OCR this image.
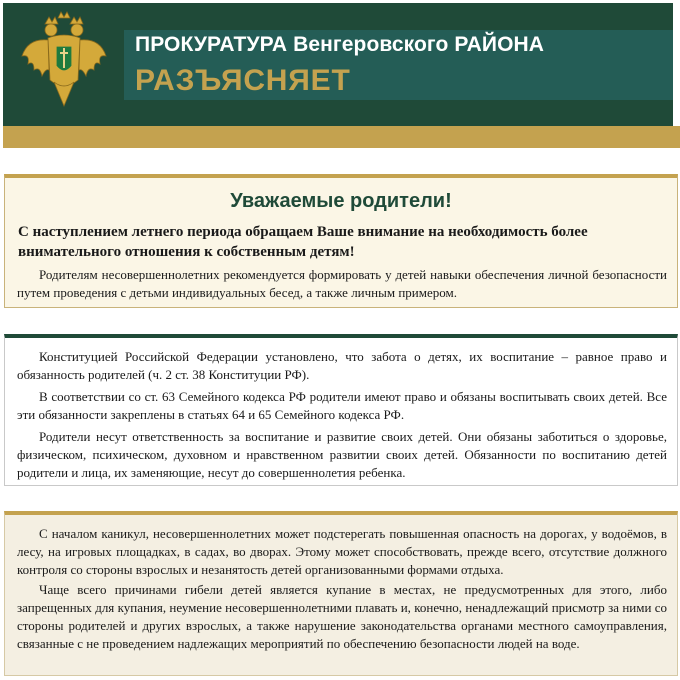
ПРОКУРАТУРА Венгеровского РАЙОНА
РАЗЪЯСНЯЕТ
Уважаемые родители!
С наступлением летнего периода обращаем Ваше внимание на необходимость более внимательного отношения к собственным детям!
Родителям несовершеннолетних рекомендуется формировать у детей навыки обеспечения личной безопасности путем проведения с детьми индивидуальных бесед, а также личным примером.
Конституцией Российской Федерации установлено, что забота о детях, их воспитание – равное право и обязанность родителей (ч. 2 ст. 38 Конституции РФ).
В соответствии со ст. 63 Семейного кодекса РФ родители имеют право и обязаны воспитывать своих детей. Все эти обязанности закреплены в статьях 64 и 65 Семейного кодекса РФ.
Родители несут ответственность за воспитание и развитие своих детей. Они обязаны заботиться о здоровье, физическом, психическом, духовном и нравственном развитии своих детей. Обязанности по воспитанию детей родители и лица, их заменяющие, несут до совершеннолетия ребенка.
С началом каникул, несовершеннолетних может подстерегать повышенная опасность на дорогах, у водоёмов, в лесу, на игровых площадках, в садах, во дворах. Этому может способствовать, прежде всего, отсутствие должного контроля со стороны взрослых и незанятость детей организованными формами отдыха.
Чаще всего причинами гибели детей является купание в местах, не предусмотренных для этого, либо запрещенных для купания, неумение несовершеннолетними плавать и, конечно, ненадлежащий присмотр за ними со стороны родителей и других взрослых, а также нарушение законодательства органами местного самоуправления, связанные с не проведением надлежащих мероприятий по обеспечению безопасности людей на воде.
